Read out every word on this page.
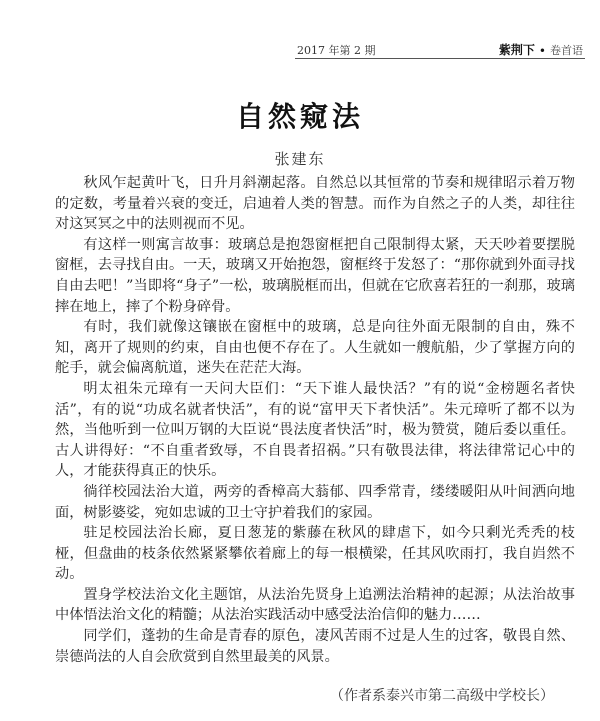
2017 年第 2 期	紫荆下 • 卷首语
自然窥法
张建东

秋风乍起黄叶飞，日升月斜潮起落。自然总以其恒常的节奏和规律昭示着万物的定数，考量着兴衰的变迁，启迪着人类的智慧。而作为自然之子的人类，却往往对这冥冥之中的法则视而不见。

有这样一则寓言故事：玻璃总是抱怨窗框把自己限制得太紧，天天吵着要摆脱窗框，去寻找自由。一天，玻璃又开始抱怨，窗框终于发怒了：“那你就到外面寻找自由去吧！”当即将“身子”一松，玻璃脱框而出，但就在它欣喜若狂的一刹那，玻璃摔在地上，摔了个粉身碎骨。

有时，我们就像这镶嵌在窗框中的玻璃，总是向往外面无限制的自由，殊不知，离开了规则的约束，自由也便不存在了。人生就如一艘航船，少了掌握方向的舵手，就会偏离航道，迷失在茫茫大海。

明太祖朱元璋有一天问大臣们：“天下谁人最快活？”有的说“金榜题名者快活”，有的说“功成名就者快活”，有的说“富甲天下者快活”。朱元璋听了都不以为然，当他听到一位叫万钢的大臣说“畏法度者快活”时，极为赞赏，随后委以重任。古人讲得好：“不自重者致辱，不自畏者招祸。”只有敬畏法律，将法律常记心中的人，才能获得真正的快乐。

徜徉校园法治大道，两旁的香樟高大蓊郁、四季常青，缕缕暖阳从叶间洒向地面，树影婆娑，宛如忠诚的卫士守护着我们的家园。

驻足校园法治长廊，夏日葱茏的紫藤在秋风的肆虐下，如今只剩光秃秃的枝桠，但盘曲的枝条依然紧紧攀依着廊上的每一根横梁，任其风吹雨打，我自岿然不动。

置身学校法治文化主题馆，从法治先贤身上追溯法治精神的起源；从法治故事中体悟法治文化的精髓；从法治实践活动中感受法治信仰的魅力……

同学们，蓬勃的生命是青春的原色，凄风苦雨不过是人生的过客，敬畏自然、崇德尚法的人自会欣赏到自然里最美的风景。

（作者系泰兴市第二高级中学校长）
